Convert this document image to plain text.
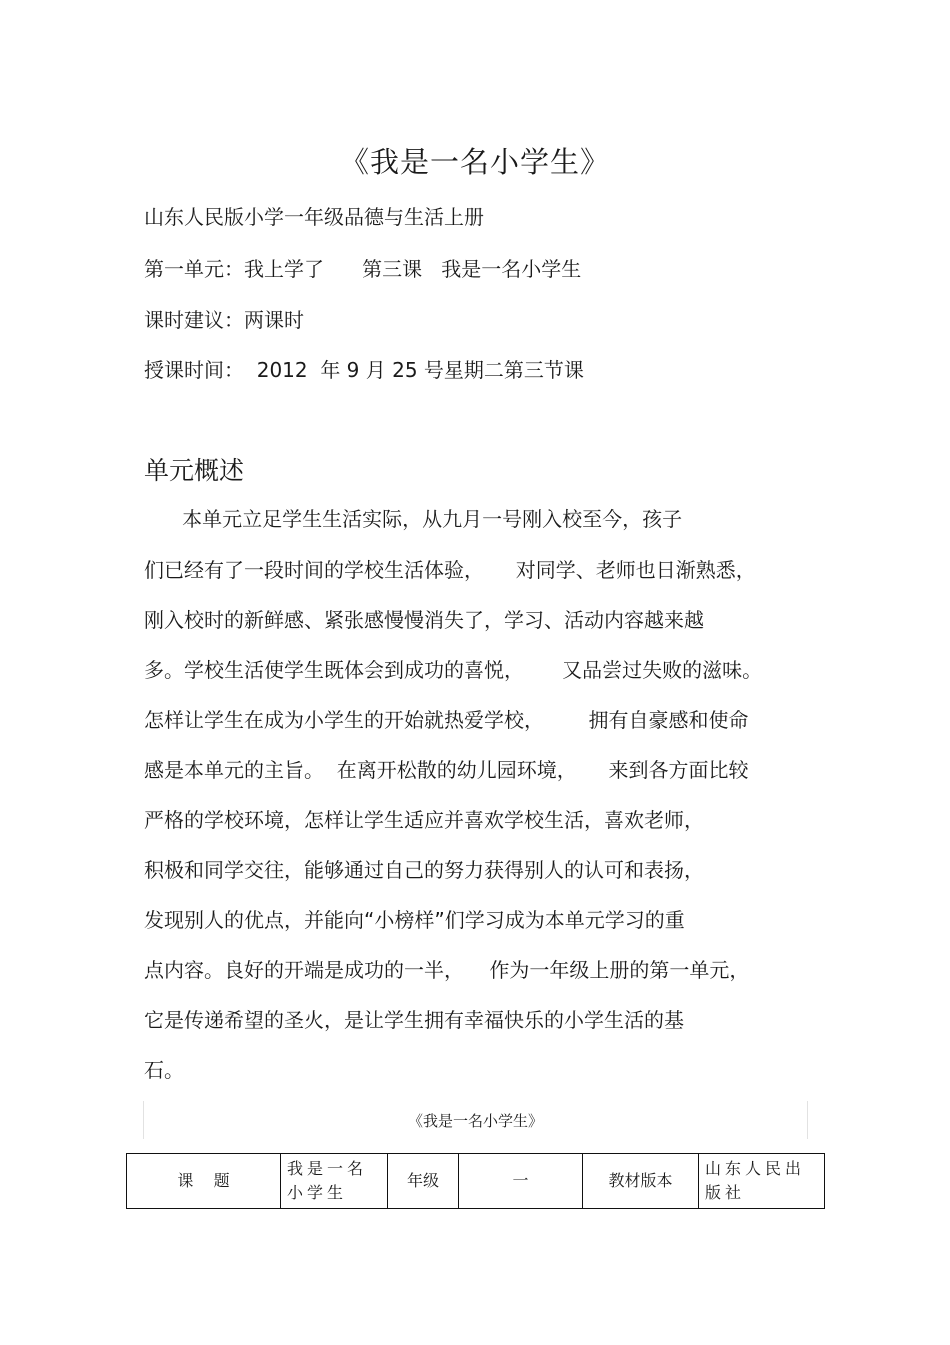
《我是一名小学生》
山东人民版小学一年级品德与生活上册
第一单元：我上学了      第三课   我是一名小学生
课时建议：两课时
授课时间：  2012  年 9 月 25 号星期二第三节课
单元概述
本单元立足学生生活实际，从九月一号刚入校至今，孩子
们已经有了一段时间的学校生活体验，     对同学、老师也日渐熟悉，
刚入校时的新鲜感、紧张感慢慢消失了，学习、活动内容越来越
多。学校生活使学生既体会到成功的喜悦，      又品尝过失败的滋味。
怎样让学生在成为小学生的开始就热爱学校，       拥有自豪感和使命
感是本单元的主旨。  在离开松散的幼儿园环境，     来到各方面比较
严格的学校环境，怎样让学生适应并喜欢学校生活，喜欢老师，
积极和同学交往，能够通过自己的努力获得别人的认可和表扬，
发现别人的优点，并能向“小榜样”们学习成为本单元学习的重
点内容。良好的开端是成功的一半，    作为一年级上册的第一单元，
它是传递希望的圣火，是让学生拥有幸福快乐的小学生活的基
石。
《我是一名小学生》
课    题	我是一名小学生	年级	一	教材版本	山东人民出版社
